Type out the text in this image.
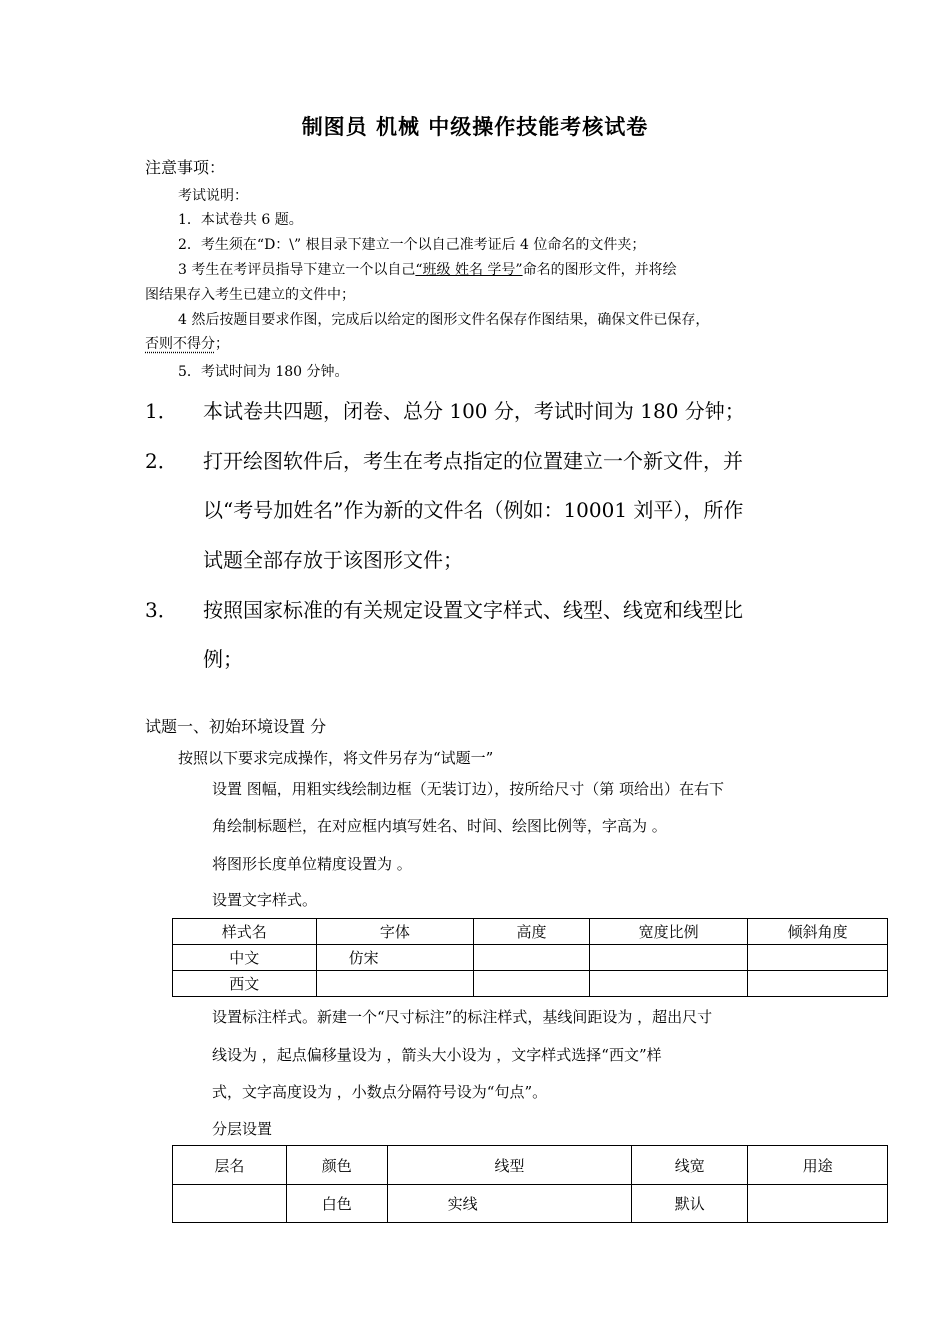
制图员 机械 中级操作技能考核试卷
注意事项：
考试说明：
1．本试卷共 6 题。
2．考生须在“D：\” 根目录下建立一个以自己准考证后 4 位命名的文件夹；
3 考生在考评员指导下建立一个以自己“班级 姓名 学号”命名的图形文件，并将绘
图结果存入考生已建立的文件中；
4 然后按题目要求作图，完成后以给定的图形文件名保存作图结果，确保文件已保存，
否则不得分；
5．考试时间为 180 分钟。
1． 本试卷共四题，闭卷、总分 100 分，考试时间为 180 分钟；
2． 打开绘图软件后，考生在考点指定的位置建立一个新文件，并
以“考号加姓名”作为新的文件名（例如：10001 刘平），所作
试题全部存放于该图形文件；
3． 按照国家标准的有关规定设置文字样式、线型、线宽和线型比
例；
试题一、初始环境设置 分
按照以下要求完成操作，将文件另存为“试题一”
设置 图幅，用粗实线绘制边框（无装订边），按所给尺寸（第 项给出）在右下
角绘制标题栏，在对应框内填写姓名、时间、绘图比例等，字高为 。
将图形长度单位精度设置为 。
设置文字样式。
样式名	字体	高度	宽度比例	倾斜角度
中文	仿宋			
西文				
设置标注样式。新建一个“尺寸标注”的标注样式，基线间距设为 ，超出尺寸
线设为 ，起点偏移量设为 ，箭头大小设为 ，文字样式选择“西文”样
式，文字高度设为 ，小数点分隔符号设为“句点”。
分层设置
层名	颜色	线型	线宽	用途
	白色	实线	默认	
